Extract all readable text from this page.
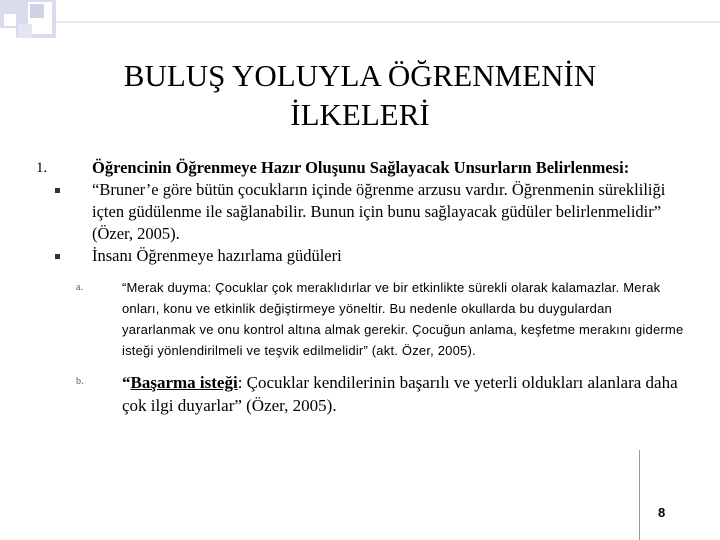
BULUŞ YOLUYLA ÖĞRENMENİN
İLKELERİ
1.	Öğrencinin Öğrenmeye Hazır Oluşunu Sağlayacak Unsurların Belirlenmesi:
“Bruner’e göre bütün çocukların içinde öğrenme arzusu vardır. Öğrenmenin sürekliliği içten güdülenme ile sağlanabilir. Bunun için bunu sağlayacak güdüler belirlenmelidir” (Özer, 2005).
İnsanı Öğrenmeye hazırlama güdüleri
a.	“Merak duyma: Çocuklar çok meraklıdırlar ve bir etkinlikte sürekli olarak kalamazlar. Merak onları, konu ve etkinlik değiştirmeye yöneltir. Bu nedenle okullarda bu duygulardan yararlanmak ve onu kontrol altına almak gerekir. Çocuğun anlama, keşfetme merakını giderme isteği yönlendirilmeli ve teşvik edilmelidir” (akt. Özer, 2005).
b.	“Başarma isteği: Çocuklar kendilerinin başarılı ve yeterli oldukları alanlara daha çok ilgi duyarlar” (Özer, 2005).
8
